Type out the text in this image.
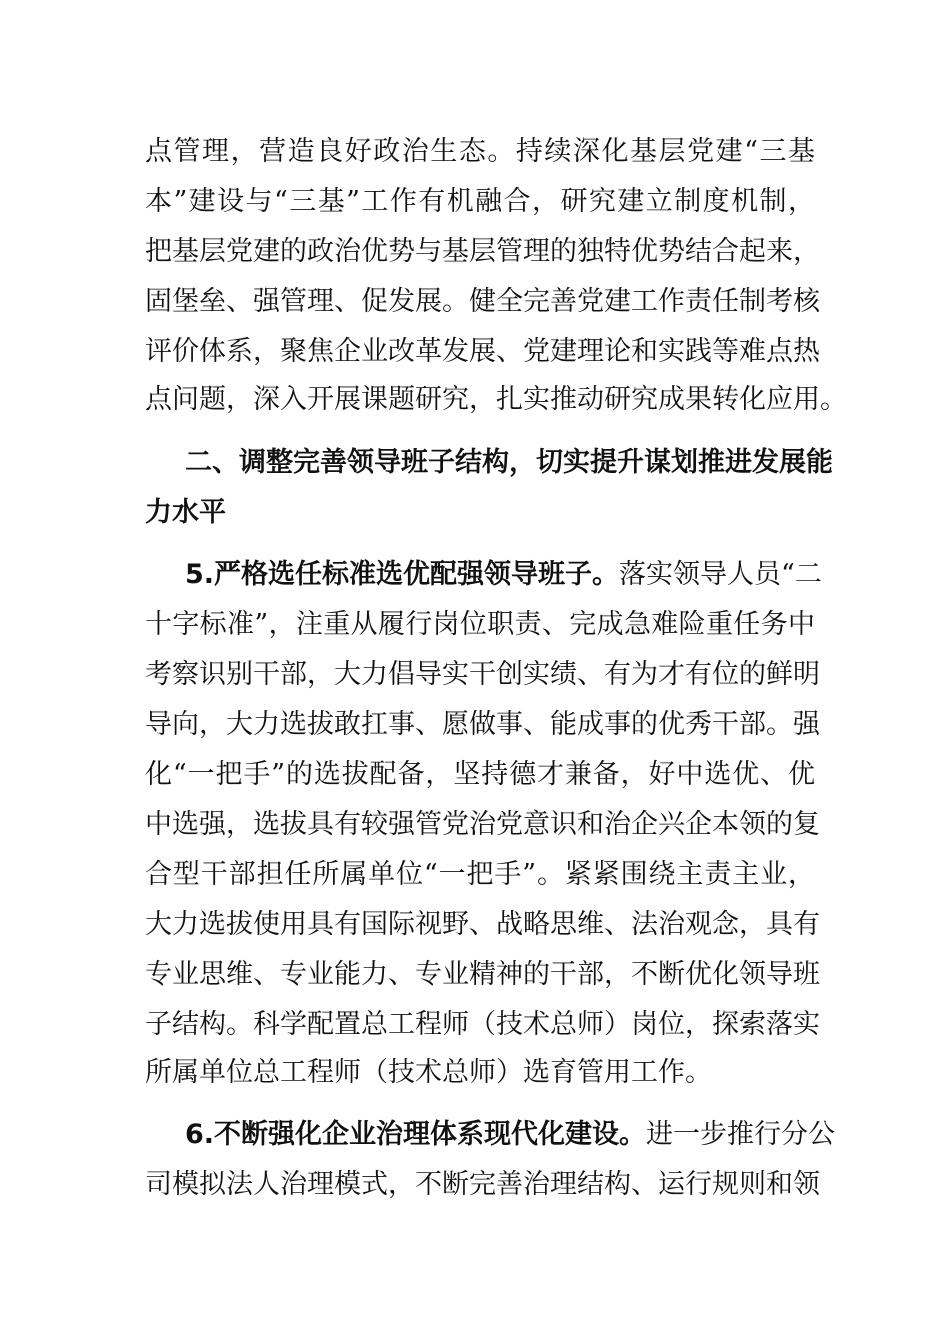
点管理，营造良好政治生态。持续深化基层党建“三基
本”建设与“三基”工作有机融合，研究建立制度机制，
把基层党建的政治优势与基层管理的独特优势结合起来，
固堡垒、强管理、促发展。健全完善党建工作责任制考核
评价体系，聚焦企业改革发展、党建理论和实践等难点热
点问题，深入开展课题研究，扎实推动研究成果转化应用。
二、调整完善领导班子结构，切实提升谋划推进发展能
力水平
5.严格选任标准选优配强领导班子。落实领导人员“二
十字标准”，注重从履行岗位职责、完成急难险重任务中
考察识别干部，大力倡导实干创实绩、有为才有位的鲜明
导向，大力选拔敢扛事、愿做事、能成事的优秀干部。强
化“一把手”的选拔配备，坚持德才兼备，好中选优、优
中选强，选拔具有较强管党治党意识和治企兴企本领的复
合型干部担任所属单位“一把手”。紧紧围绕主责主业，
大力选拔使用具有国际视野、战略思维、法治观念，具有
专业思维、专业能力、专业精神的干部，不断优化领导班
子结构。科学配置总工程师（技术总师）岗位，探索落实
所属单位总工程师（技术总师）选育管用工作。
6.不断强化企业治理体系现代化建设。进一步推行分公
司模拟法人治理模式，不断完善治理结构、运行规则和领
